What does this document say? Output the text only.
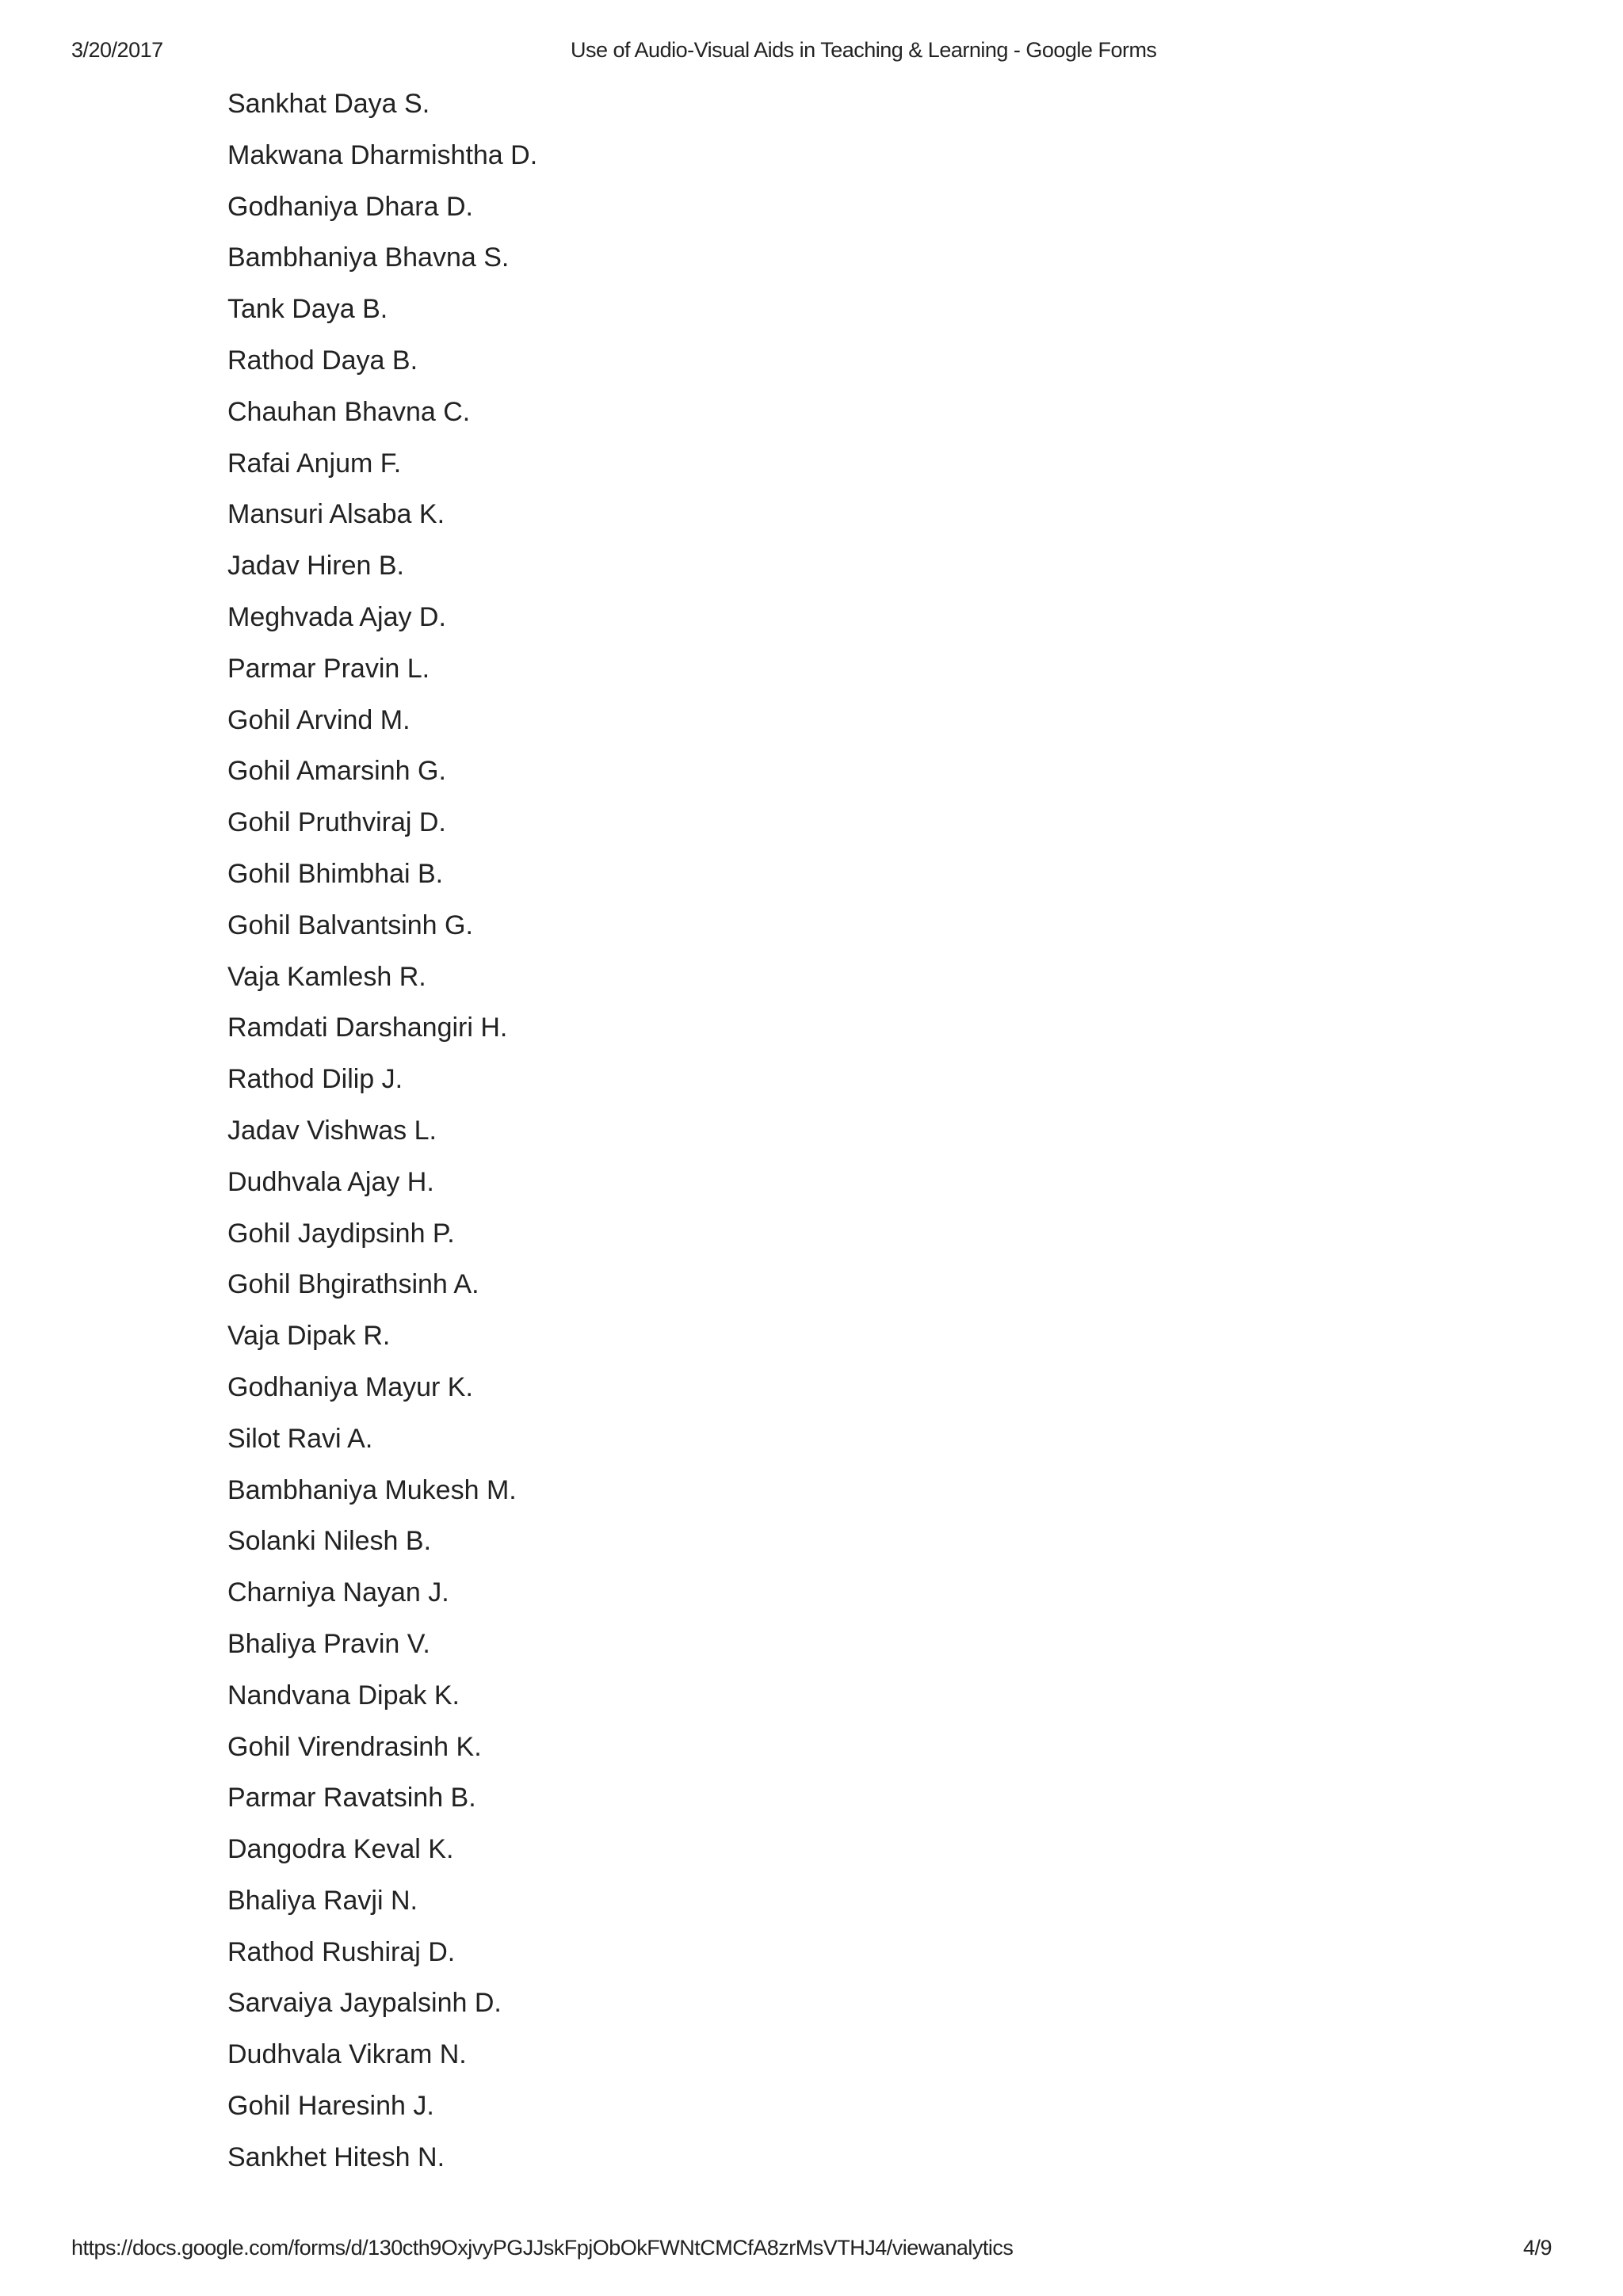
3/20/2017	Use of Audio-Visual Aids in Teaching & Learning - Google Forms
Sankhat Daya S.
Makwana Dharmishtha D.
Godhaniya Dhara D.
Bambhaniya Bhavna S.
Tank Daya B.
Rathod Daya B.
Chauhan Bhavna C.
Rafai Anjum F.
Mansuri Alsaba K.
Jadav Hiren B.
Meghvada Ajay D.
Parmar Pravin L.
Gohil Arvind M.
Gohil Amarsinh G.
Gohil Pruthviraj D.
Gohil Bhimbhai B.
Gohil Balvantsinh G.
Vaja Kamlesh R.
Ramdati Darshangiri H.
Rathod Dilip J.
Jadav Vishwas L.
Dudhvala Ajay H.
Gohil Jaydipsinh P.
Gohil Bhgirathsinh A.
Vaja Dipak R.
Godhaniya Mayur K.
Silot Ravi A.
Bambhaniya Mukesh M.
Solanki Nilesh B.
Charniya Nayan J.
Bhaliya Pravin V.
Nandvana Dipak K.
Gohil Virendrasinh K.
Parmar Ravatsinh B.
Dangodra Keval K.
Bhaliya Ravji N.
Rathod Rushiraj D.
Sarvaiya Jaypalsinh D.
Dudhvala Vikram N.
Gohil Haresinh J.
Sankhet Hitesh N.
https://docs.google.com/forms/d/130cth9OxjvyPGJJskFpjObOkFWNtCMCfA8zrMsVTHJ4/viewanalytics	4/9
